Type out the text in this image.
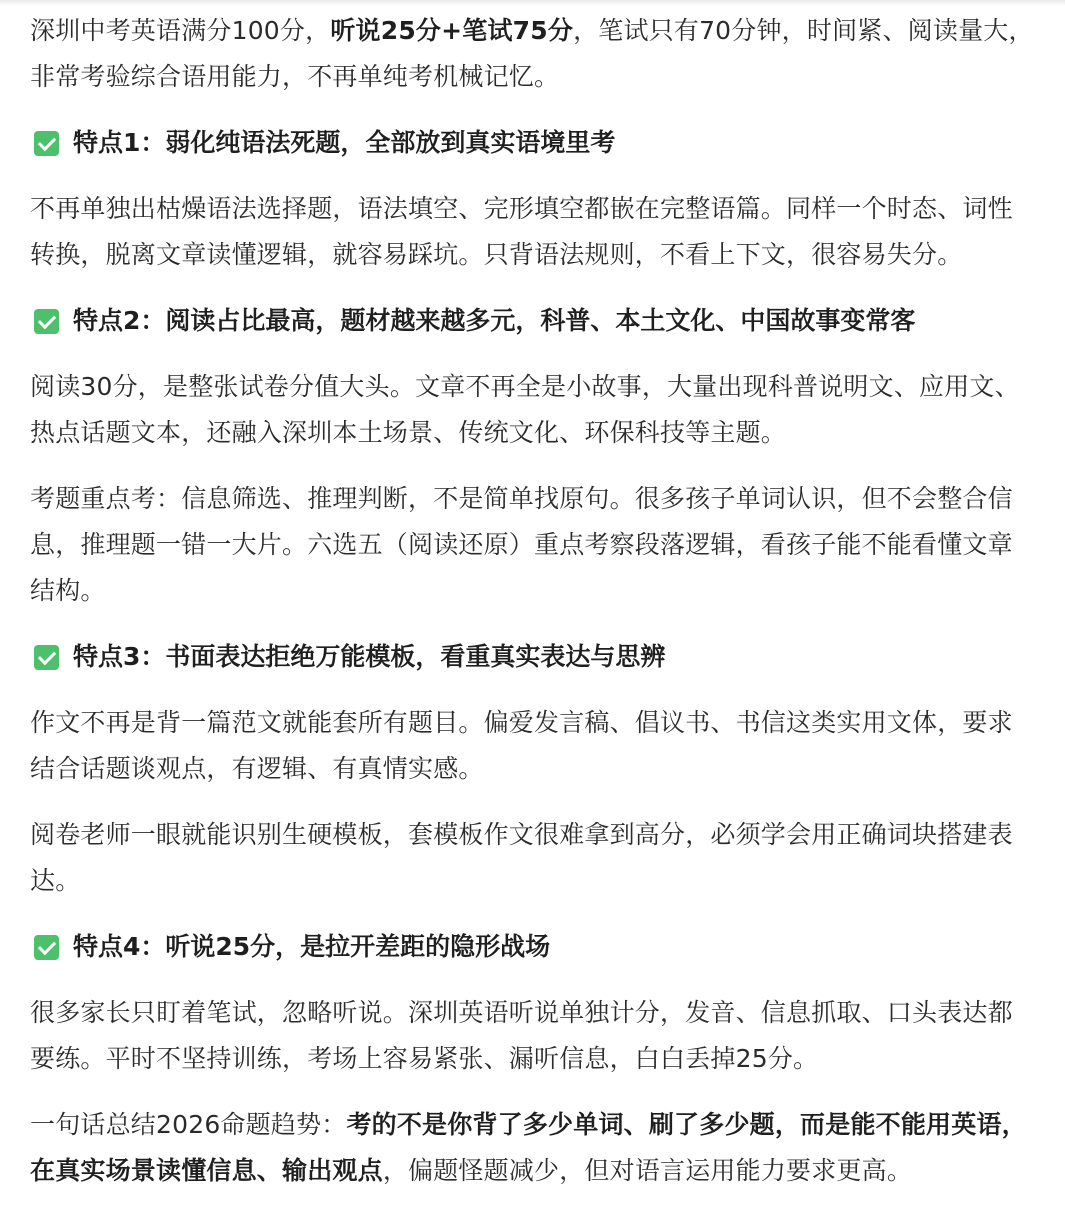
深圳中考英语满分100分，听说25分+笔试75分，笔试只有70分钟，时间紧、阅读量大，非常考验综合语用能力，不再单纯考机械记忆。

特点1：弱化纯语法死题，全部放到真实语境里考

不再单独出枯燥语法选择题，语法填空、完形填空都嵌在完整语篇。同样一个时态、词性转换，脱离文章读懂逻辑，就容易踩坑。只背语法规则，不看上下文，很容易失分。

特点2：阅读占比最高，题材越来越多元，科普、本土文化、中国故事变常客

阅读30分，是整张试卷分值大头。文章不再全是小故事，大量出现科普说明文、应用文、热点话题文本，还融入深圳本土场景、传统文化、环保科技等主题。

考题重点考：信息筛选、推理判断，不是简单找原句。很多孩子单词认识，但不会整合信息，推理题一错一大片。六选五（阅读还原）重点考察段落逻辑，看孩子能不能看懂文章结构。

特点3：书面表达拒绝万能模板，看重真实表达与思辨

作文不再是背一篇范文就能套所有题目。偏爱发言稿、倡议书、书信这类实用文体，要求结合话题谈观点，有逻辑、有真情实感。

阅卷老师一眼就能识别生硬模板，套模板作文很难拿到高分，必须学会用正确词块搭建表达。

特点4：听说25分，是拉开差距的隐形战场

很多家长只盯着笔试，忽略听说。深圳英语听说单独计分，发音、信息抓取、口头表达都要练。平时不坚持训练，考场上容易紧张、漏听信息，白白丢掉25分。

一句话总结2026命题趋势：考的不是你背了多少单词、刷了多少题，而是能不能用英语，在真实场景读懂信息、输出观点，偏题怪题减少，但对语言运用能力要求更高。
